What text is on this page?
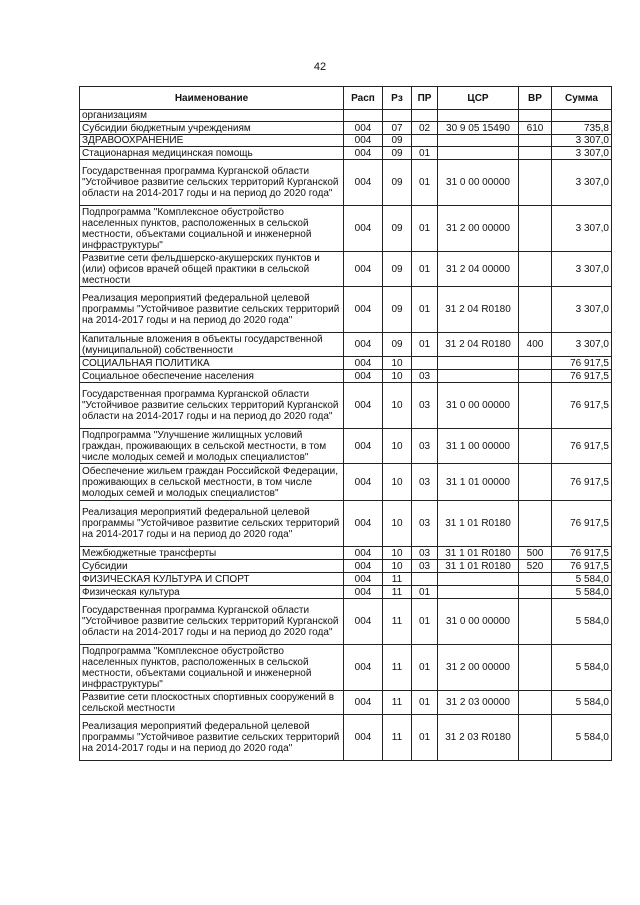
42
Наименование	Расп	Рз	ПР	ЦСР	ВР	Сумма
организациям						
Субсидии бюджетным учреждениям	004	07	02	30 9 05 15490	610	735,8
ЗДРАВООХРАНЕНИЕ	004	09				3 307,0
Стационарная медицинская помощь	004	09	01			3 307,0
Государственная программа Курганской области "Устойчивое развитие сельских территорий Курганской области на 2014-2017 годы и на период до 2020 года"	004	09	01	31 0 00 00000		3 307,0
Подпрограмма "Комплексное обустройство населенных пунктов, расположенных в сельской местности, объектами социальной и инженерной инфраструктуры"	004	09	01	31 2 00 00000		3 307,0
Развитие сети фельдшерско-акушерских пунктов и (или) офисов врачей общей практики в сельской местности	004	09	01	31 2 04 00000		3 307,0
Реализация мероприятий федеральной целевой программы "Устойчивое развитие сельских территорий на 2014-2017 годы и на период до 2020 года"	004	09	01	31 2 04 R0180		3 307,0
Капитальные вложения в объекты государственной (муниципальной) собственности	004	09	01	31 2 04 R0180	400	3 307,0
СОЦИАЛЬНАЯ ПОЛИТИКА	004	10				76 917,5
Социальное обеспечение населения	004	10	03			76 917,5
Государственная программа Курганской области "Устойчивое развитие сельских территорий Курганской области на 2014-2017 годы и на период до 2020 года"	004	10	03	31 0 00 00000		76 917,5
Подпрограмма "Улучшение жилищных условий граждан, проживающих в сельской местности, в том числе молодых семей и молодых специалистов"	004	10	03	31 1 00 00000		76 917,5
Обеспечение жильем граждан Российской Федерации, проживающих в сельской местности, в том числе молодых семей и молодых специалистов"	004	10	03	31 1 01 00000		76 917,5
Реализация мероприятий федеральной целевой программы "Устойчивое развитие сельских территорий на 2014-2017 годы и на период до 2020 года"	004	10	03	31 1 01 R0180		76 917,5
Межбюджетные трансферты	004	10	03	31 1 01 R0180	500	76 917,5
Субсидии	004	10	03	31 1 01 R0180	520	76 917,5
ФИЗИЧЕСКАЯ КУЛЬТУРА И СПОРТ	004	11				5 584,0
Физическая культура	004	11	01			5 584,0
Государственная программа Курганской области "Устойчивое развитие сельских территорий Курганской области на 2014-2017 годы и на период до 2020 года"	004	11	01	31 0 00 00000		5 584,0
Подпрограмма "Комплексное обустройство населенных пунктов, расположенных в сельской местности, объектами социальной и инженерной инфраструктуры"	004	11	01	31 2 00 00000		5 584,0
Развитие сети плоскостных спортивных сооружений в сельской местности	004	11	01	31 2 03 00000		5 584,0
Реализация мероприятий федеральной целевой программы "Устойчивое развитие сельских территорий на 2014-2017 годы и на период до 2020 года"	004	11	01	31 2 03 R0180		5 584,0
